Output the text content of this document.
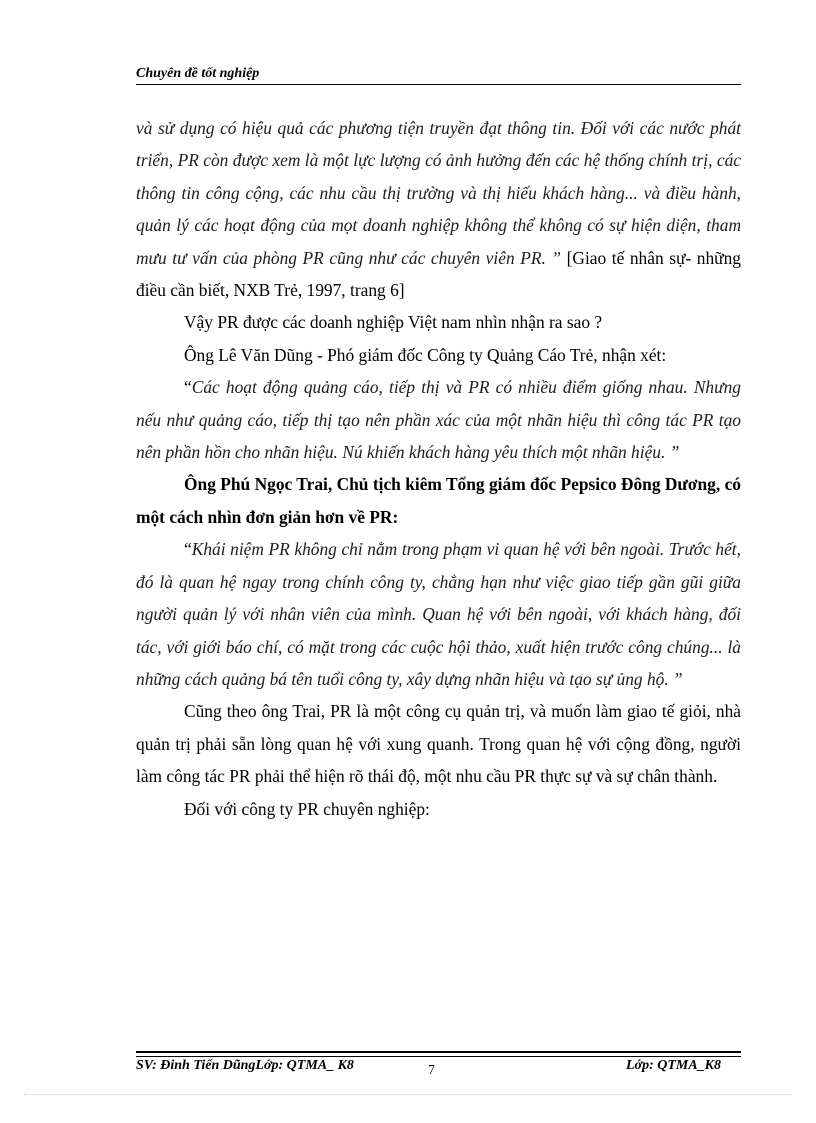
Chuyên đề tốt nghiệp

và sử dụng có hiệu quả các phương tiện truyền đạt thông tin. Đối với các nước phát triển, PR còn được xem là một lực lượng có ảnh hưởng đến các hệ thống chính trị, các thông tin công cộng, các nhu cầu thị trường và thị hiếu khách hàng... và điều hành, quản lý các hoạt động của mọt doanh nghiệp không thể không có sự hiện diện, tham mưu tư vấn của phòng PR cũng như các chuyên viên PR. ” [Giao tế nhân sự- những điều cần biết, NXB Trẻ, 1997, trang 6]

Vậy PR được các doanh nghiệp Việt nam nhìn nhận ra sao ?

Ông Lê Văn Dũng - Phó giám đốc Công ty Quảng Cáo Trẻ, nhận xét:

“Các hoạt động quảng cáo, tiếp thị và PR có nhiều điểm giống nhau. Nhưng nếu như quảng cáo, tiếp thị tạo nên phần xác của một nhãn hiệu thì công tác PR tạo nên phần hồn cho nhãn hiệu. Nú khiến khách hàng yêu thích một nhãn hiệu. ”

Ông Phú Ngọc Trai, Chủ tịch kiêm Tổng giám đốc Pepsico Đông Dương, có một cách nhìn đơn giản hơn về PR:

“Khái niệm PR không chỉ nằm trong phạm vi quan hệ với bên ngoài. Trước hết, đó là quan hệ ngay trong chính công ty, chẳng hạn như việc giao tiếp gần gũi giữa người quản lý với nhân viên của mình. Quan hệ với bên ngoài, với khách hàng, đối tác, với giới báo chí, có mặt trong các cuộc hội thảo, xuất hiện trước công chúng... là những cách quảng bá tên tuổi công ty, xây dựng nhãn hiệu và tạo sự ủng hộ. ”

Cũng theo ông Trai, PR là một công cụ quản trị, và muốn làm giao tế giỏi, nhà quản trị phải sẵn lòng quan hệ với xung quanh. Trong quan hệ với cộng đồng, người làm công tác PR phải thể hiện rõ thái độ, một nhu cầu PR thực sự và sự chân thành.

Đối với công ty PR chuyên nghiệp:

SV: Đinh Tiến DũngLớp: QTMA_ K8	7	Lớp: QTMA_K8
